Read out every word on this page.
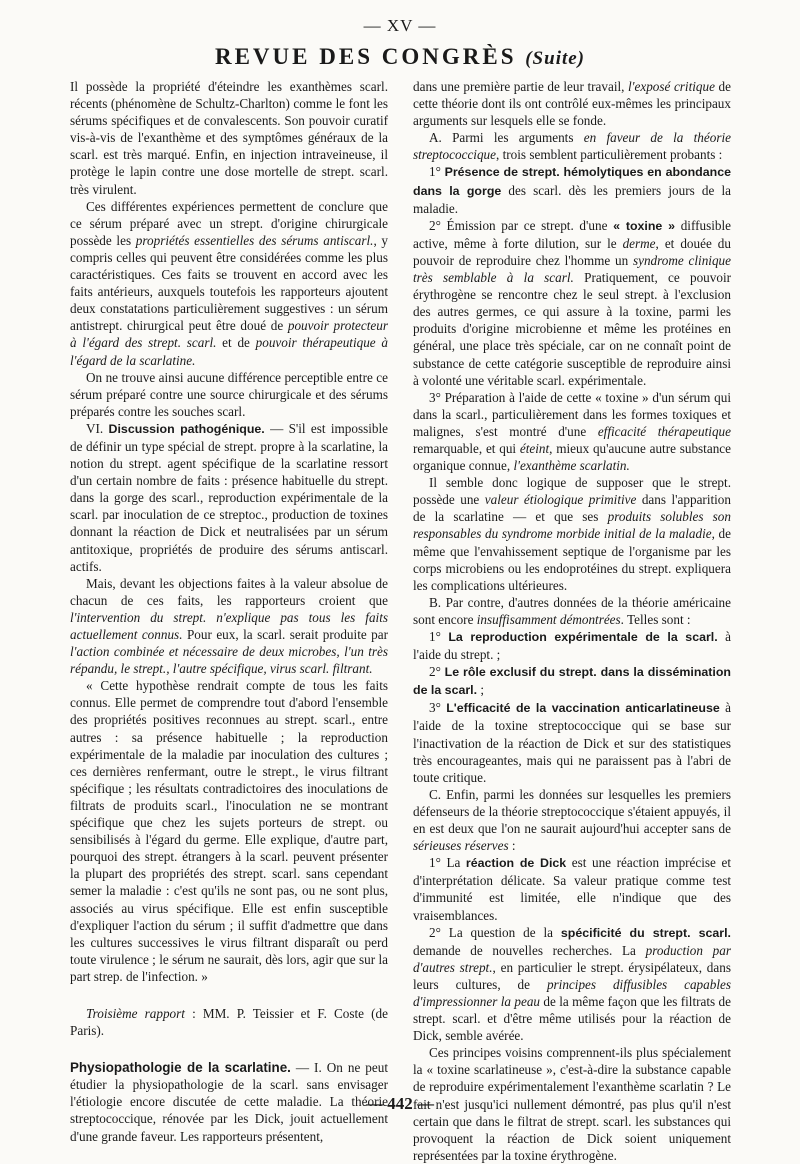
— XV —
REVUE DES CONGRÈS (Suite)

Il possède la propriété d'éteindre les exanthèmes scarl. récents (phénomène de Schultz-Charlton) comme le font les sérums spécifiques et de convalescents. Son pouvoir curatif vis-à-vis de l'exanthème et des symptômes généraux de la scarl. est très marqué. Enfin, en injection intraveineuse, il protège le lapin contre une dose mortelle de strept. scarl. très virulent.

Ces différentes expériences permettent de conclure que ce sérum préparé avec un strept. d'origine chirurgicale possède les propriétés essentielles des sérums antiscarl., y compris celles qui peuvent être considérées comme les plus caractéristiques. Ces faits se trouvent en accord avec les faits antérieurs, auxquels toutefois les rapporteurs ajoutent deux constatations particulièrement suggestives : un sérum antistrept. chirurgical peut être doué de pouvoir protecteur à l'égard des strept. scarl. et de pouvoir thérapeutique à l'égard de la scarlatine.

On ne trouve ainsi aucune différence perceptible entre ce sérum préparé contre une source chirurgicale et des sérums préparés contre les souches scarl.

VI. Discussion pathogénique. — S'il est impossible de définir un type spécial de strept. propre à la scarlatine, la notion du strept. agent spécifique de la scarlatine ressort d'un certain nombre de faits : présence habituelle du strept. dans la gorge des scarl., reproduction expérimentale de la scarl. par inoculation de ce streptoc., production de toxines donnant la réaction de Dick et neutralisées par un sérum antitoxique, propriétés de produire des sérums antiscarl. actifs.

Mais, devant les objections faites à la valeur absolue de chacun de ces faits, les rapporteurs croient que l'intervention du strept. n'explique pas tous les faits actuellement connus. Pour eux, la scarl. serait produite par l'action combinée et nécessaire de deux microbes, l'un très répandu, le strept., l'autre spécifique, virus scarl. filtrant.

« Cette hypothèse rendrait compte de tous les faits connus. Elle permet de comprendre tout d'abord l'ensemble des propriétés positives reconnues au strept. scarl., entre autres : sa présence habituelle ; la reproduction expérimentale de la maladie par inoculation des cultures ; ces dernières renfermant, outre le strept., le virus filtrant spécifique ; les résultats contradictoires des inoculations de filtrats de produits scarl., l'inoculation ne se montrant spécifique que chez les sujets porteurs de strept. ou sensibilisés à l'égard du germe. Elle explique, d'autre part, pourquoi des strept. étrangers à la scarl. peuvent présenter la plupart des propriétés des strept. scarl. sans cependant semer la maladie : c'est qu'ils ne sont pas, ou ne sont plus, associés au virus spécifique. Elle est enfin susceptible d'expliquer l'action du sérum ; il suffit d'admettre que dans les cultures successives le virus filtrant disparaît ou perd toute virulence ; le sérum ne saurait, dès lors, agir que sur la part strep. de l'infection. »

Troisième rapport : MM. P. Teissier et F. Coste (de Paris).

Physiopathologie de la scarlatine. — I. On ne peut étudier la physiopathologie de la scarl. sans envisager l'étiologie encore discutée de cette maladie. La théorie streptococcique, rénovée par les Dick, jouit actuellement d'une grande faveur. Les rapporteurs présentent,

dans une première partie de leur travail, l'exposé critique de cette théorie dont ils ont contrôlé eux-mêmes les principaux arguments sur lesquels elle se fonde.

A. Parmi les arguments en faveur de la théorie streptococcique, trois semblent particulièrement probants :

1° Présence de strept. hémolytiques en abondance dans la gorge des scarl. dès les premiers jours de la maladie.

2° Émission par ce strept. d'une « toxine » diffusible active, même à forte dilution, sur le derme, et douée du pouvoir de reproduire chez l'homme un syndrome clinique très semblable à la scarl. Pratiquement, ce pouvoir érythrogène se rencontre chez le seul strept. à l'exclusion des autres germes, ce qui assure à la toxine, parmi les produits d'origine microbienne et même les protéines en général, une place très spéciale, car on ne connaît point de substance de cette catégorie susceptible de reproduire ainsi à volonté une véritable scarl. expérimentale.

3° Préparation à l'aide de cette « toxine » d'un sérum qui dans la scarl., particulièrement dans les formes toxiques et malignes, s'est montré d'une efficacité thérapeutique remarquable, et qui éteint, mieux qu'aucune autre substance organique connue, l'exanthème scarlatin.

Il semble donc logique de supposer que le strept. possède une valeur étiologique primitive dans l'apparition de la scarlatine — et que ses produits solubles son responsables du syndrome morbide initial de la maladie, de même que l'envahissement septique de l'organisme par les corps microbiens ou les endoprotéines du strept. expliquera les complications ultérieures.

B. Par contre, d'autres données de la théorie américaine sont encore insuffisamment démontrées. Telles sont :

1° La reproduction expérimentale de la scarl. à l'aide du strept. ;

2° Le rôle exclusif du strept. dans la dissémination de la scarl. ;

3° L'efficacité de la vaccination anticarlatineuse à l'aide de la toxine streptococcique qui se base sur l'inactivation de la réaction de Dick et sur des statistiques très encourageantes, mais qui ne paraissent pas à l'abri de toute critique.

C. Enfin, parmi les données sur lesquelles les premiers défenseurs de la théorie streptococcique s'étaient appuyés, il en est deux que l'on ne saurait aujourd'hui accepter sans de sérieuses réserves :

1° La réaction de Dick est une réaction imprécise et d'interprétation délicate. Sa valeur pratique comme test d'immunité est limitée, elle n'indique que des vraisemblances.

2° La question de la spécificité du strept. scarl. demande de nouvelles recherches. La production par d'autres strept., en particulier le strept. érysipélateux, dans leurs cultures, de principes diffusibles capables d'impressionner la peau de la même façon que les filtrats de strept. scarl. et d'être même utilisés pour la réaction de Dick, semble avérée.

Ces principes voisins comprennent-ils plus spécialement la « toxine scarlatineuse », c'est-à-dire la substance capable de reproduire expérimentalement l'exanthème scarlatin ? Le fait n'est jusqu'ici nullement démontré, pas plus qu'il n'est certain que dans le filtrat de strept. scarl. les substances qui provoquent la réaction de Dick soient uniquement représentées par la toxine érythrogène.

— 442 —
